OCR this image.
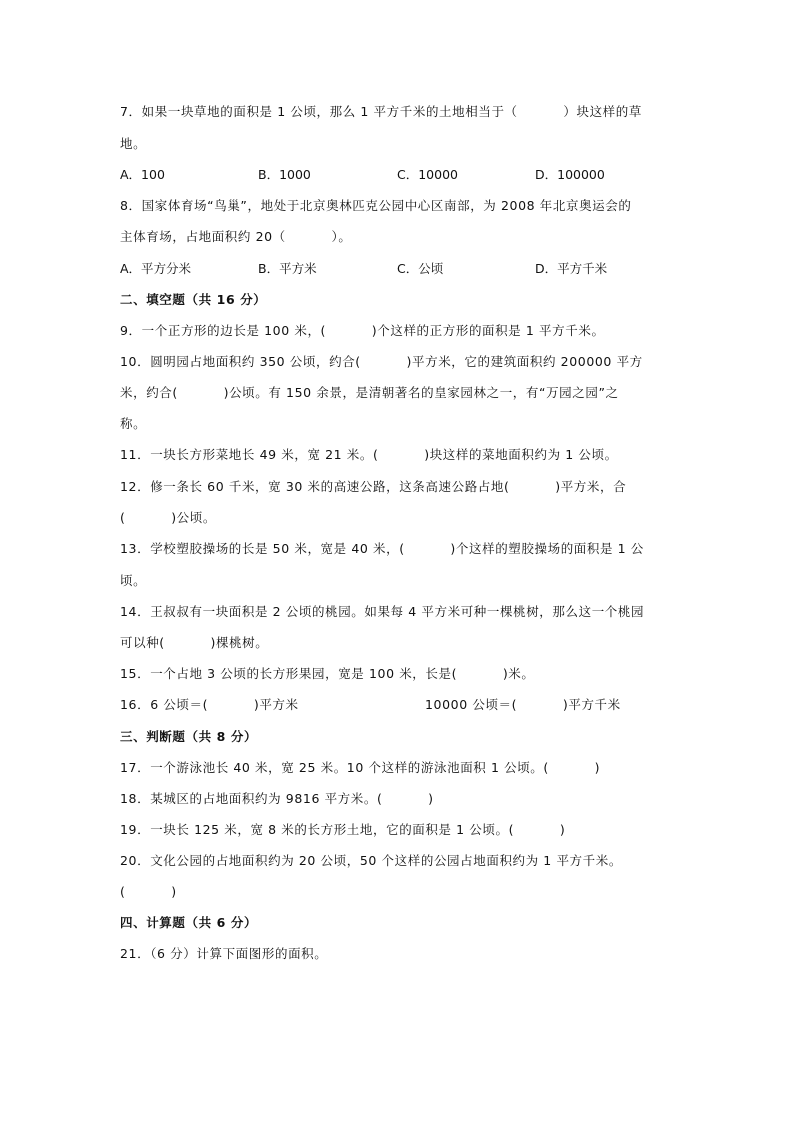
7．如果一块草地的面积是 1 公顷，那么 1 平方千米的土地相当于（          ）块这样的草
地。
A．100	B．1000	C．10000	D．100000
8．国家体育场“鸟巢”，地处于北京奥林匹克公园中心区南部，为 2008 年北京奥运会的
主体育场，占地面积约 20（          ）。
A．平方分米	B．平方米	C．公顷	D．平方千米
二、填空题（共 16 分）
9．一个正方形的边长是 100 米，(          )个这样的正方形的面积是 1 平方千米。
10．圆明园占地面积约 350 公顷，约合(          )平方米，它的建筑面积约 200000 平方
米，约合(          )公顷。有 150 余景，是清朝著名的皇家园林之一，有“万园之园”之
称。
11．一块长方形菜地长 49 米，宽 21 米。(          )块这样的菜地面积约为 1 公顷。
12．修一条长 60 千米，宽 30 米的高速公路，这条高速公路占地(          )平方米，合
(          )公顷。
13．学校塑胶操场的长是 50 米，宽是 40 米，(          )个这样的塑胶操场的面积是 1 公
顷。
14．王叔叔有一块面积是 2 公顷的桃园。如果每 4 平方米可种一棵桃树，那么这一个桃园
可以种(          )棵桃树。
15．一个占地 3 公顷的长方形果园，宽是 100 米，长是(          )米。
16．6 公顷＝(          )平方米	10000 公顷＝(          )平方千米
三、判断题（共 8 分）
17．一个游泳池长 40 米，宽 25 米。10 个这样的游泳池面积 1 公顷。(          )
18．某城区的占地面积约为 9816 平方米。(          )
19．一块长 125 米，宽 8 米的长方形土地，它的面积是 1 公顷。(          )
20．文化公园的占地面积约为 20 公顷，50 个这样的公园占地面积约为 1 平方千米。
(          )
四、计算题（共 6 分）
21．（6 分）计算下面图形的面积。
